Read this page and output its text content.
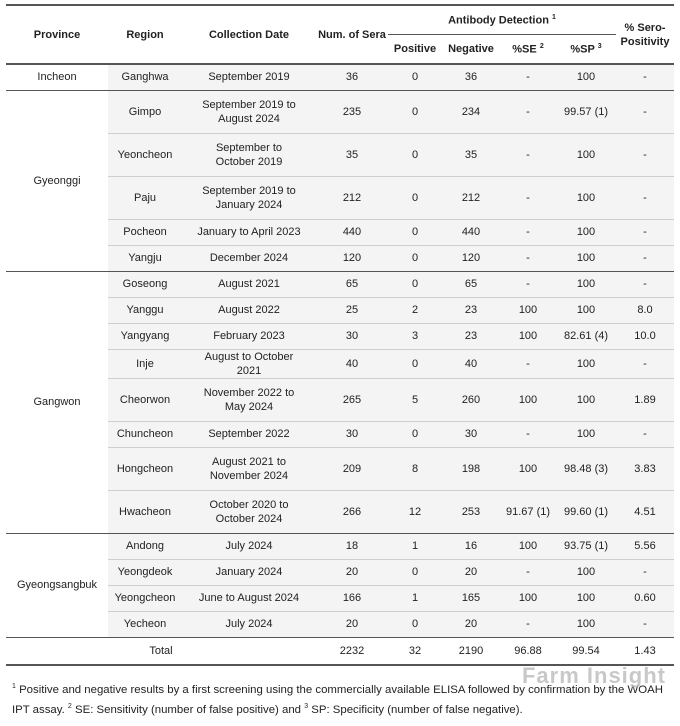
Province	Region	Collection Date	Num. of Sera	Antibody Detection $^1$				% Sero-Positivity
				Positive	Negative	%SE $^2$	%SP $^3$
Incheon	Ganghwa	September 2019	36	0	36	-	100	-
Gyeonggi	Gimpo	September 2019 to August 2024	235	0	234	-	99.57 (1)	-
	Yeoncheon	September to October 2019	35	0	35	-	100	-
	Paju	September 2019 to January 2024	212	0	212	-	100	-
	Pocheon	January to April 2023	440	0	440	-	100	-
	Yangju	December 2024	120	0	120	-	100	-
Gangwon	Goseong	August 2021	65	0	65	-	100	-
	Yanggu	August 2022	25	2	23	100	100	8.0
	Yangyang	February 2023	30	3	23	100	82.61 (4)	10.0
	Inje	August to October 2021	40	0	40	-	100	-
	Cheorwon	November 2022 to May 2024	265	5	260	100	100	1.89
	Chuncheon	September 2022	30	0	30	-	100	-
	Hongcheon	August 2021 to November 2024	209	8	198	100	98.48 (3)	3.83
	Hwacheon	October 2020 to October 2024	266	12	253	91.67 (1)	99.60 (1)	4.51
Gyeongsangbuk	Andong	July 2024	18	1	16	100	93.75 (1)	5.56
	Yeongdeok	January 2024	20	0	20	-	100	-
	Yeongcheon	June to August 2024	166	1	165	100	100	0.60
	Yecheon	July 2024	20	0	20	-	100	-
Total			2232	32	2190	96.88	99.54	1.43
$^1$ Positive and negative results by a first screening using the commercially available ELISA followed by confirmation by the WOAH IPT assay. $^2$ SE: Sensitivity (number of false positive) and $^3$ SP: Specificity (number of false negative).
Farm Insight
